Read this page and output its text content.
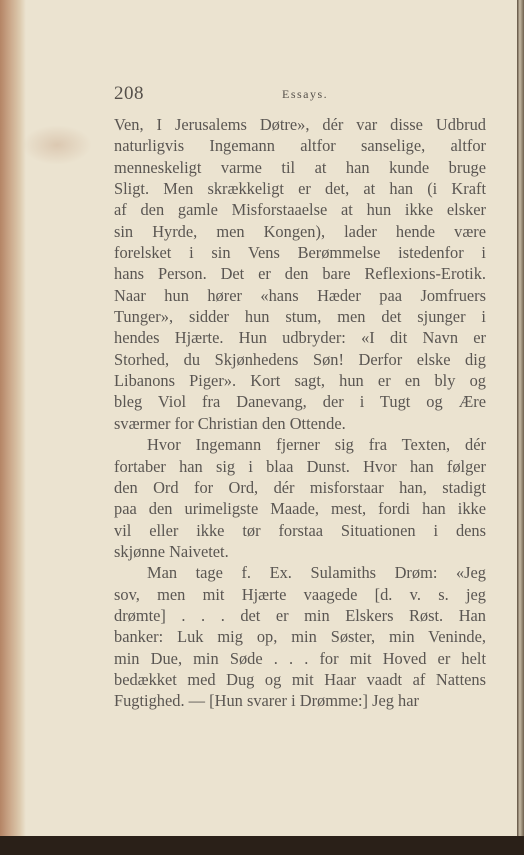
208	Essays.
Ven, I Jerusalems Døtre», dér var disse Udbrud
naturligvis Ingemann altfor sanselige, altfor
menneskeligt varme til at han kunde bruge
Sligt. Men skrækkeligt er det, at han (i Kraft
af den gamle Misforstaaelse at hun ikke elsker
sin Hyrde, men Kongen), lader hende være
forelsket i sin Vens Berømmelse istedenfor i
hans Person. Det er den bare Reflexions-Erotik.
Naar hun hører «hans Hæder paa Jomfruers
Tunger», sidder hun stum, men det sjunger i
hendes Hjærte. Hun udbryder: «I dit Navn er
Storhed, du Skjønhedens Søn! Derfor elske dig
Libanons Piger». Kort sagt, hun er en bly og
bleg Viol fra Danevang, der i Tugt og Ære
sværmer for Christian den Ottende.
Hvor Ingemann fjerner sig fra Texten, dér
fortaber han sig i blaa Dunst. Hvor han følger
den Ord for Ord, dér misforstaar han, stadigt
paa den urimeligste Maade, mest, fordi han ikke
vil eller ikke tør forstaa Situationen i dens
skjønne Naivetet.
Man tage f. Ex. Sulamiths Drøm: «Jeg
sov, men mit Hjærte vaagede [d. v. s. jeg
drømte] . . . det er min Elskers Røst. Han
banker: Luk mig op, min Søster, min Veninde,
min Due, min Søde . . . for mit Hoved er helt
bedækket med Dug og mit Haar vaadt af Nattens
Fugtighed. — [Hun svarer i Drømme:] Jeg har
